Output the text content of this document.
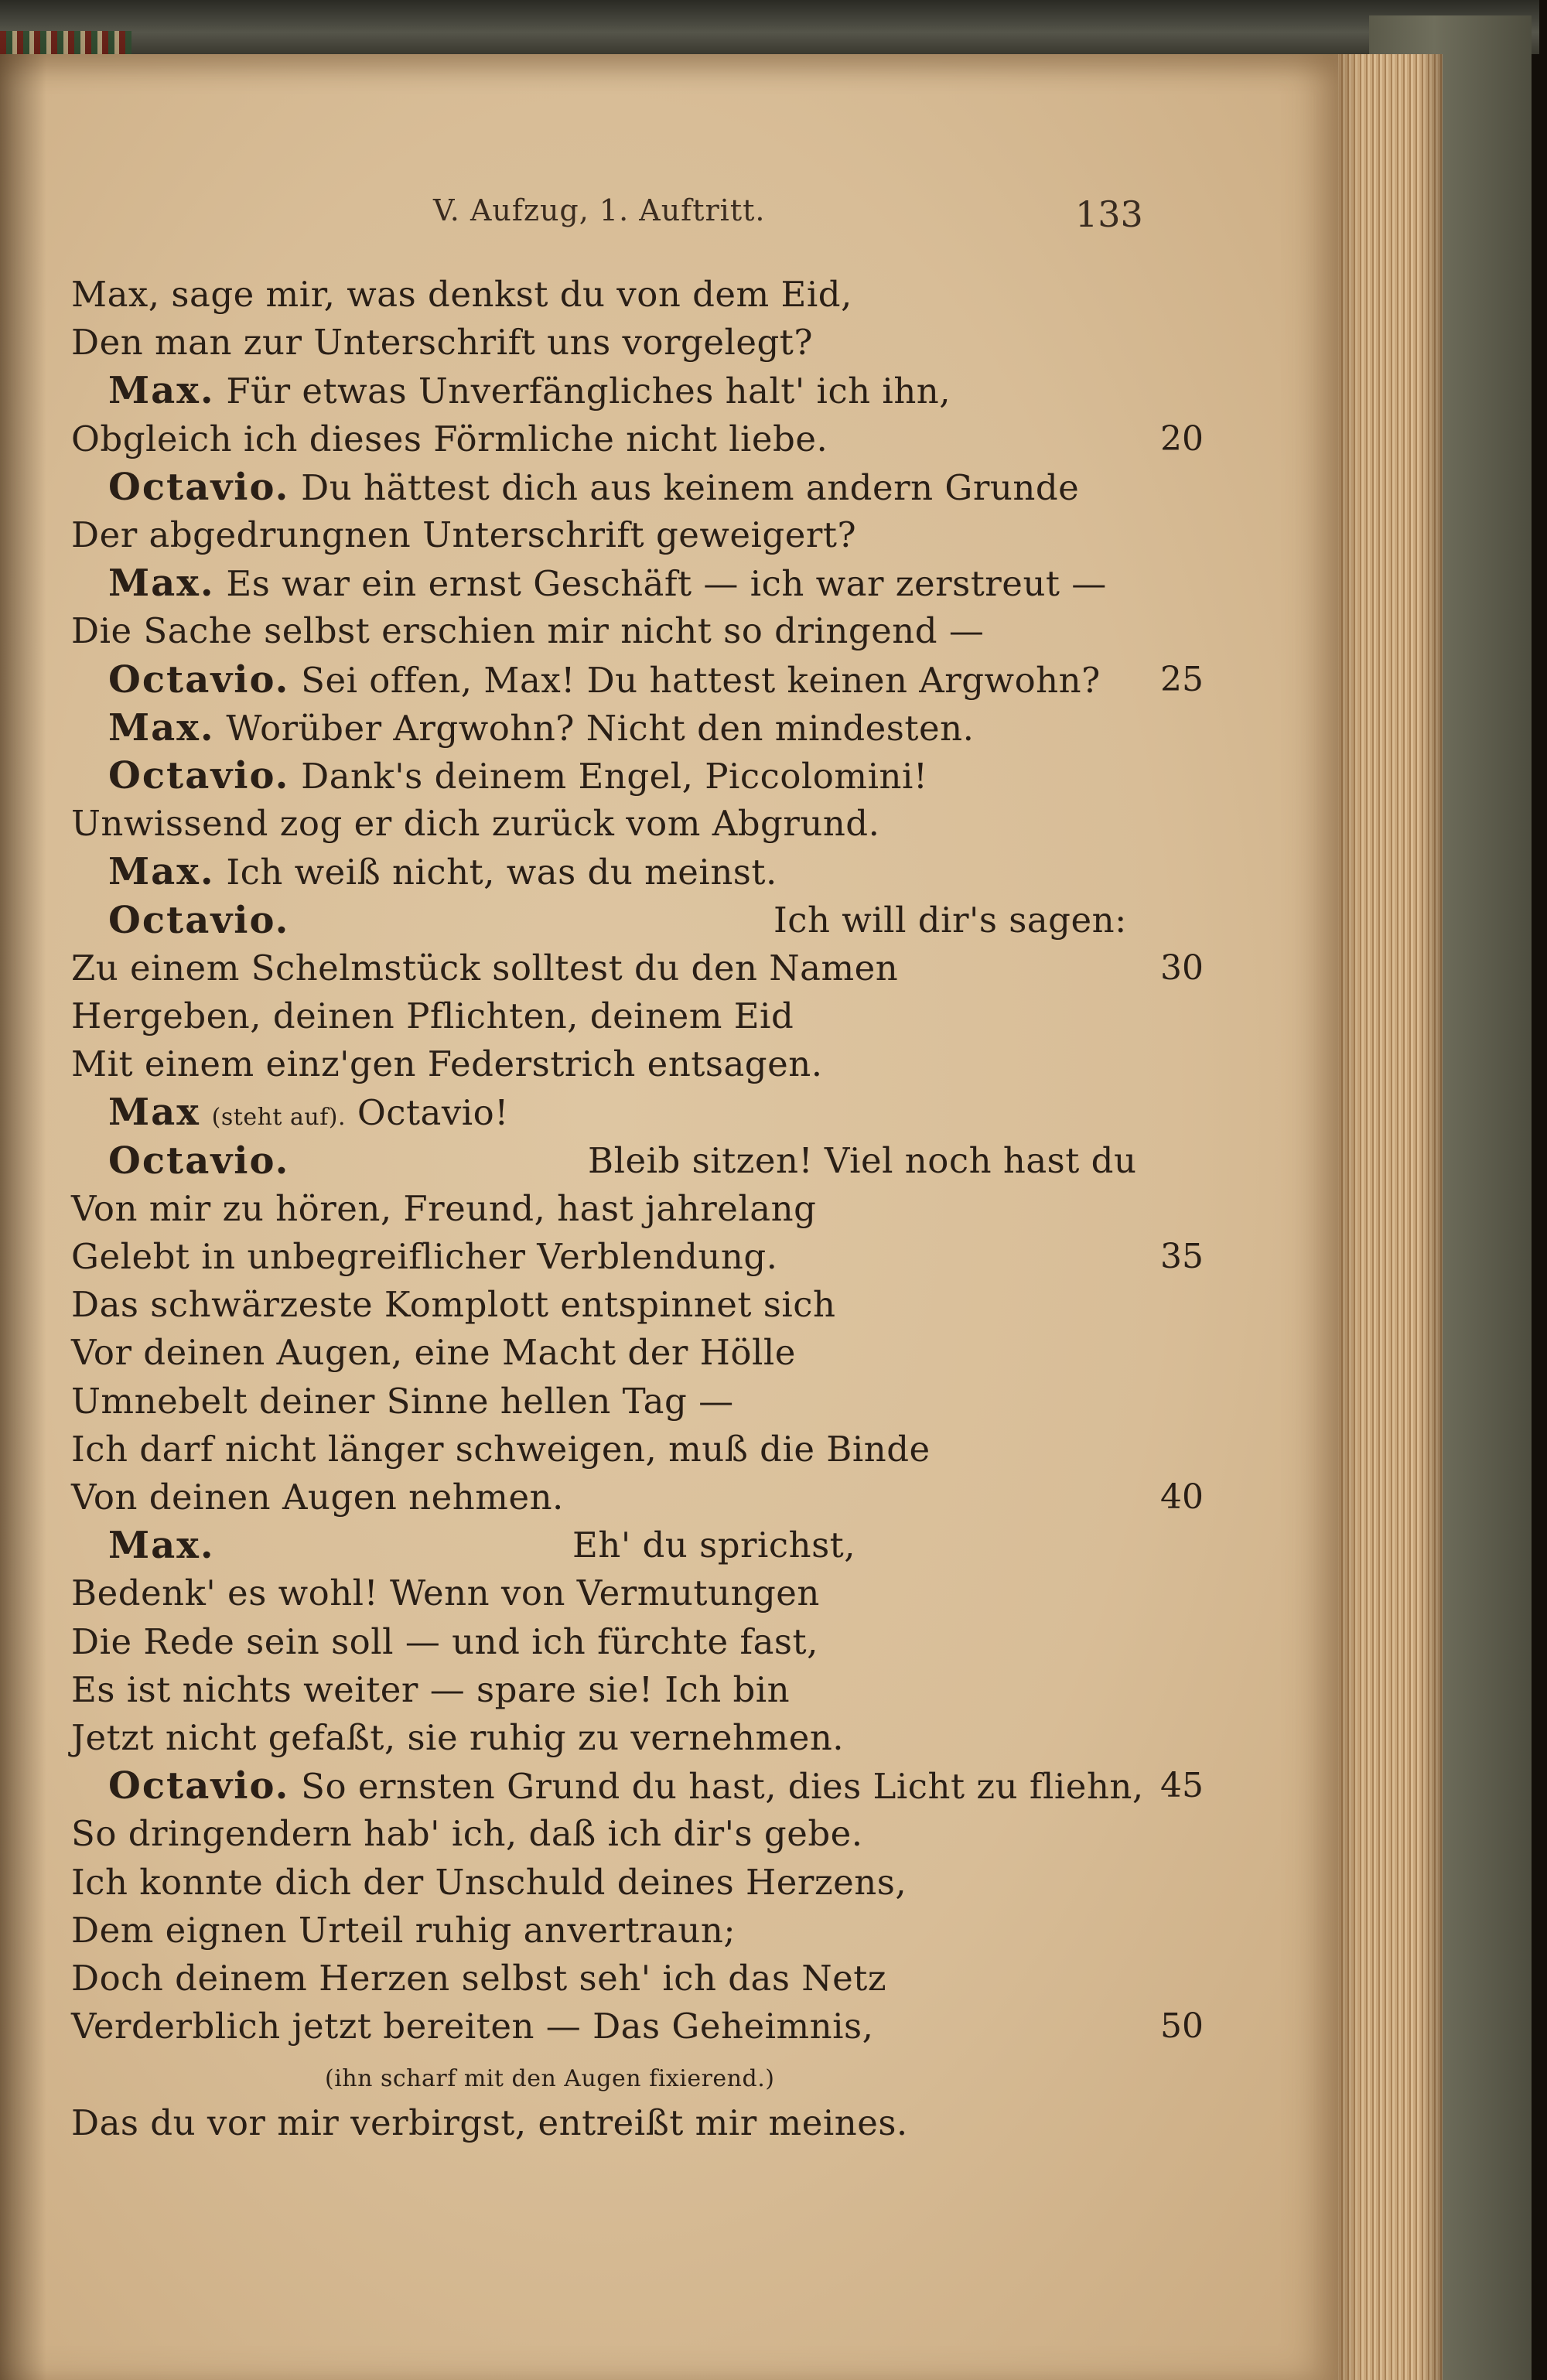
V. Aufzug, 1. Auftritt.	133
Max, sage mir, was denkst du von dem Eid,
Den man zur Unterschrift uns vorgelegt?
Max. Für etwas Unverfängliches halt' ich ihn,
Obgleich ich dieses Förmliche nicht liebe.	20
Octavio. Du hättest dich aus keinem andern Grunde
Der abgedrungnen Unterschrift geweigert?
Max. Es war ein ernst Geschäft — ich war zerstreut —
Die Sache selbst erschien mir nicht so dringend —
Octavio. Sei offen, Max! Du hattest keinen Argwohn? 25
Max. Worüber Argwohn? Nicht den mindesten.
Octavio. Dank's deinem Engel, Piccolomini!
Unwissend zog er dich zurück vom Abgrund.
Max. Ich weiß nicht, was du meinst.
Octavio.	Ich will dir's sagen:
Zu einem Schelmstück solltest du den Namen	30
Hergeben, deinen Pflichten, deinem Eid
Mit einem einz'gen Federstrich entsagen.
Max (steht auf). Octavio!
Octavio.	Bleib sitzen! Viel noch hast du
Von mir zu hören, Freund, hast jahrelang
Gelebt in unbegreiflicher Verblendung.	35
Das schwärzeste Komplott entspinnet sich
Vor deinen Augen, eine Macht der Hölle
Umnebelt deiner Sinne hellen Tag —
Ich darf nicht länger schweigen, muß die Binde
Von deinen Augen nehmen.	40
Max.	Eh' du sprichst,
Bedenk' es wohl! Wenn von Vermutungen
Die Rede sein soll — und ich fürchte fast,
Es ist nichts weiter — spare sie! Ich bin
Jetzt nicht gefaßt, sie ruhig zu vernehmen.
Octavio. So ernsten Grund du hast, dies Licht zu fliehn, 45
So dringendern hab' ich, daß ich dir's gebe.
Ich konnte dich der Unschuld deines Herzens,
Dem eignen Urteil ruhig anvertraun;
Doch deinem Herzen selbst seh' ich das Netz
Verderblich jetzt bereiten — Das Geheimnis,	50
(ihn scharf mit den Augen fixierend.)
Das du vor mir verbirgst, entreißt mir meines.
